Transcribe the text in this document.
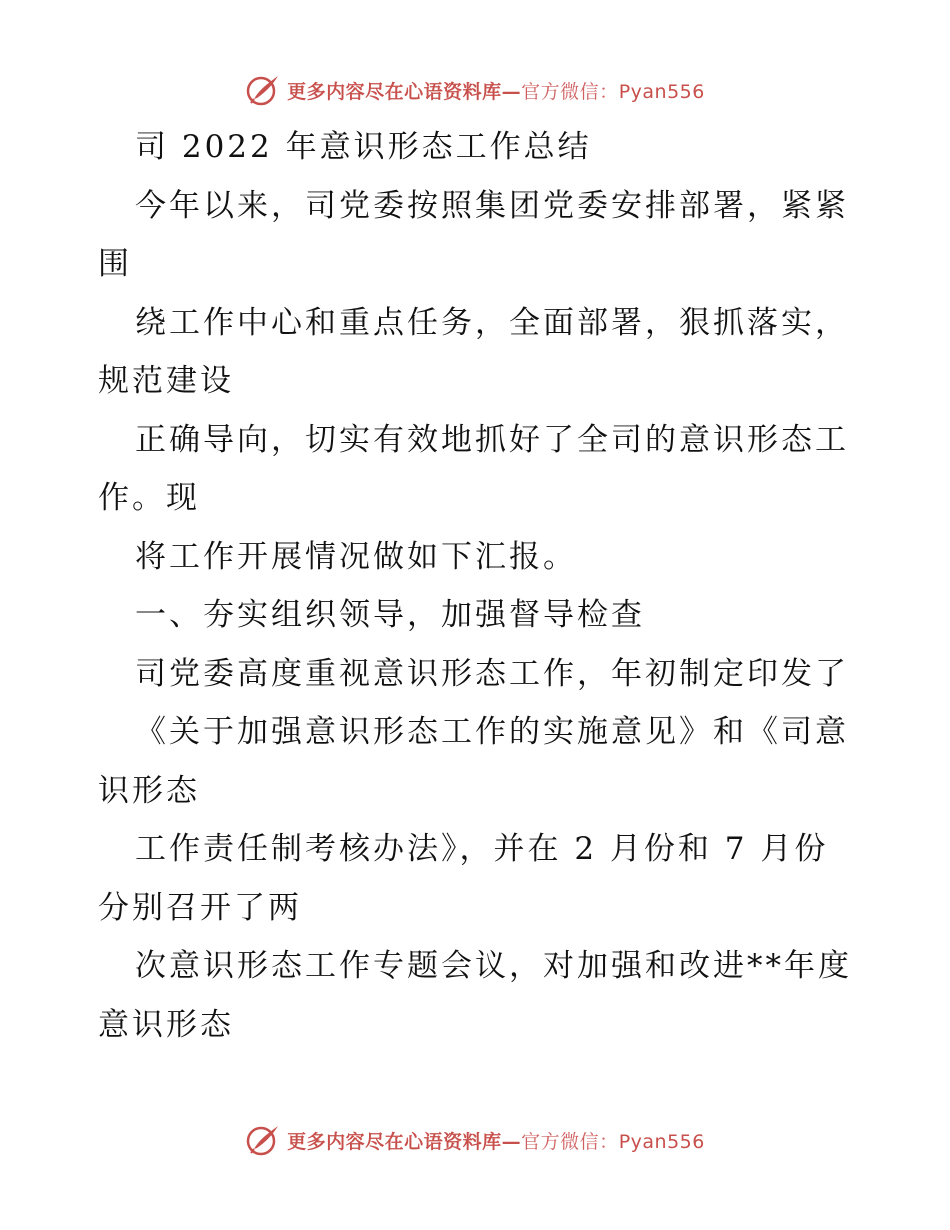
更多内容尽在心语资料库—官方微信：Pyan556
司 2022 年意识形态工作总结
今年以来，司党委按照集团党委安排部署，紧紧
围
绕工作中心和重点任务，全面部署，狠抓落实，
规范建设
正确导向，切实有效地抓好了全司的意识形态工
作。现
将工作开展情况做如下汇报。
一、夯实组织领导，加强督导检查
司党委高度重视意识形态工作，年初制定印发了
《关于加强意识形态工作的实施意见》和《司意
识形态
工作责任制考核办法》，并在 2 月份和 7 月份
分别召开了两
次意识形态工作专题会议，对加强和改进**年度
意识形态
更多内容尽在心语资料库—官方微信：Pyan556
